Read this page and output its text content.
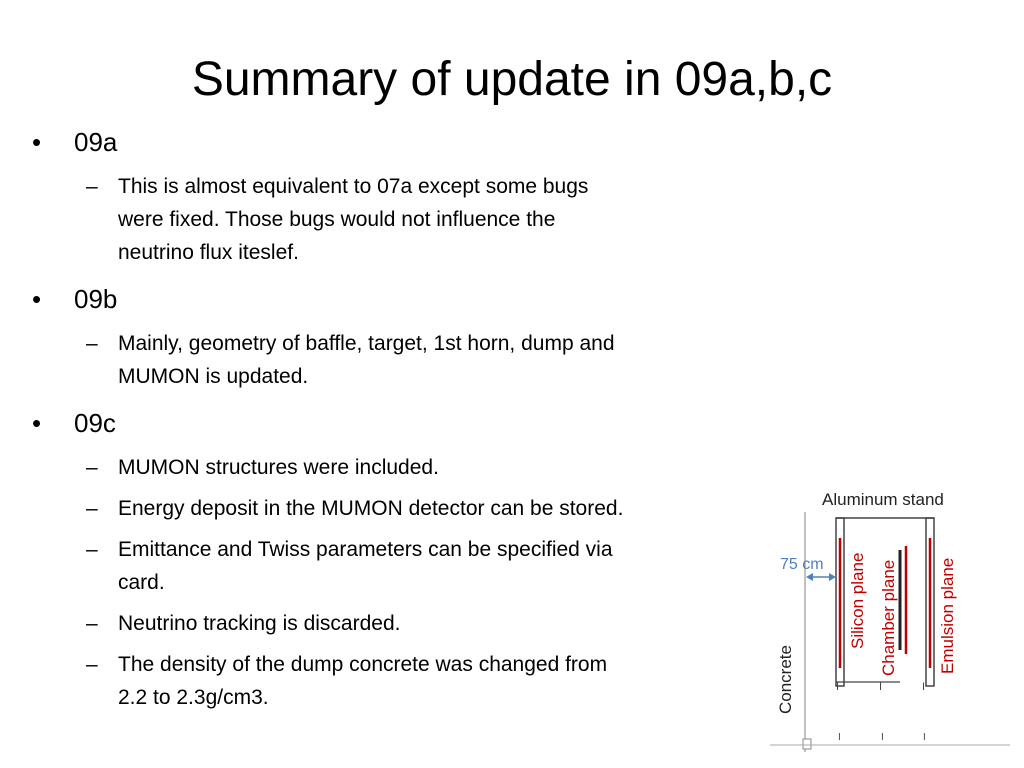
Summary of update in 09a,b,c
•	09a
– This is almost equivalent to 07a except some bugs
were fixed. Those bugs would not influence the
neutrino flux iteslef.
•	09b
– Mainly, geometry of baffle, target, 1st horn, dump and
MUMON is updated.
•	09c
– MUMON structures were included.
– Energy deposit in the MUMON detector can be stored.
– Emittance and Twiss parameters can be specified via
card.
– Neutrino tracking is discarded.
– The density of the dump concrete was changed from
2.2 to 2.3g/cm3.
Aluminum stand
Concrete	I	I	I
I	I	I
75 cm Silicon plane Chamber plane Emulsion plane
